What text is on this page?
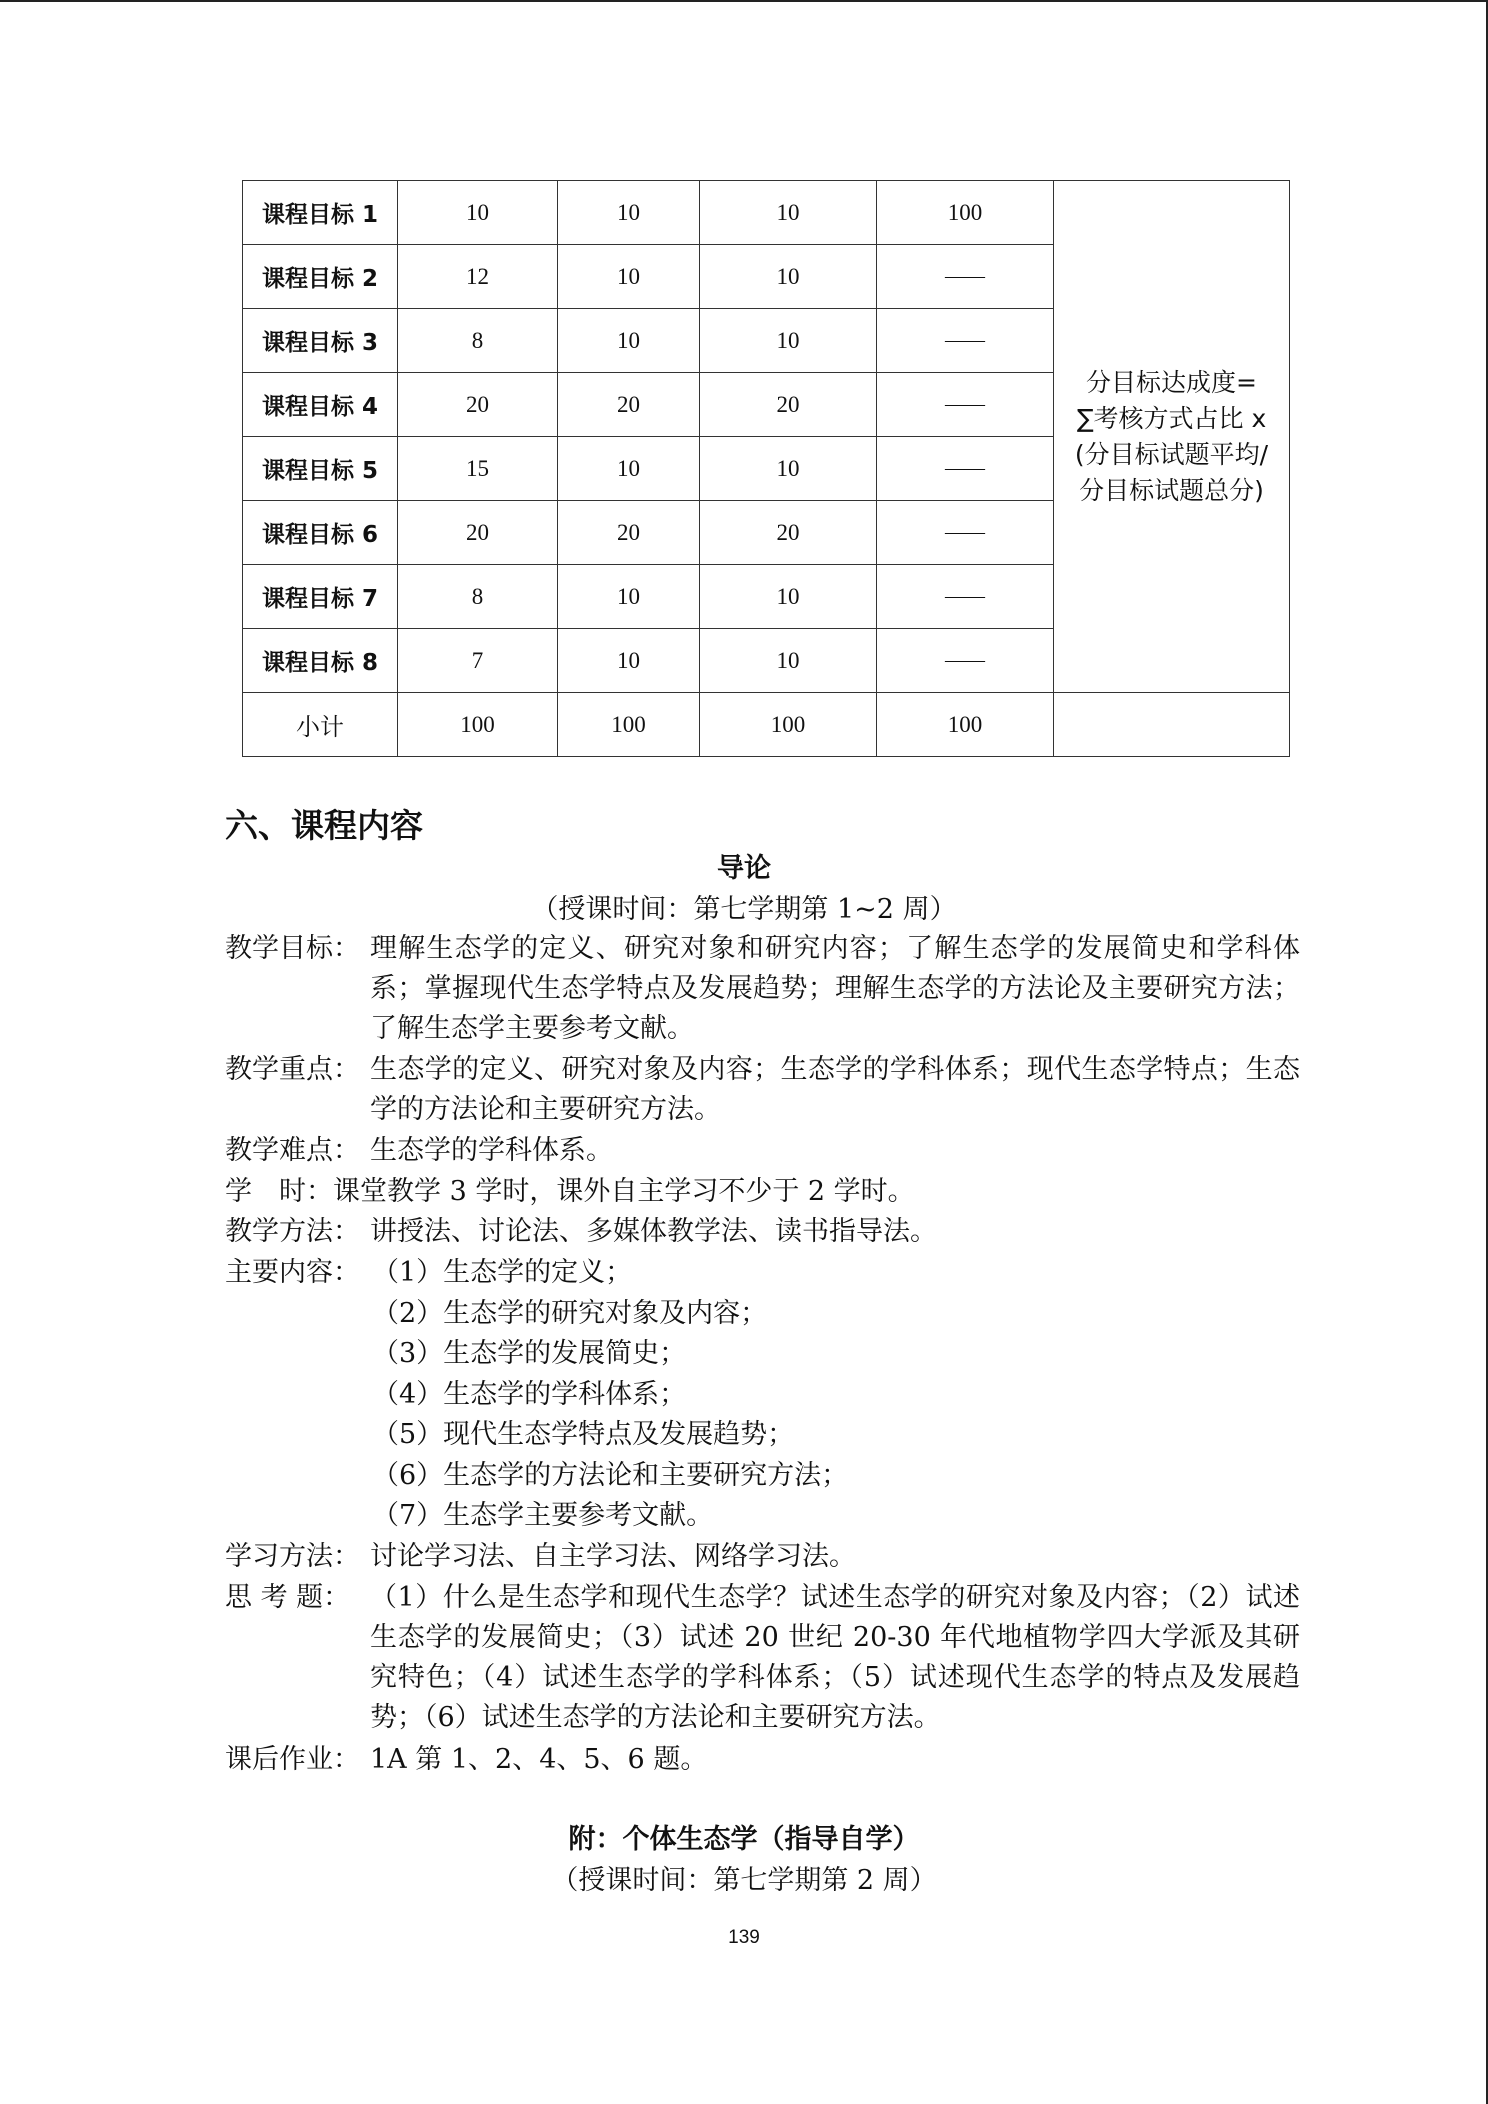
课程目标 1	10	10	10	100	分目标达成度=
∑考核方式占比 x
(分目标试题平均/
分目标试题总分)

课程目标 2	12	10	10	——	
课程目标 3	8	10	10	——	
课程目标 4	20	20	20	——	
课程目标 5	15	10	10	——	
课程目标 6	20	20	20	——	
课程目标 7	8	10	10	——	
课程目标 8	7	10	10	——	
小计	100	100	100	100	
六、课程内容
导论
（授课时间：第七学期第 1~2 周）
教学目标： 理解生态学的定义、研究对象和研究内容；了解生态学的发展简史和学科体系；掌握现代生态学特点及发展趋势；理解生态学的方法论及主要研究方法；了解生态学主要参考文献。
教学重点： 生态学的定义、研究对象及内容；生态学的学科体系；现代生态学特点；生态学的方法论和主要研究方法。
教学难点： 生态学的学科体系。
学　时：课堂教学 3 学时，课外自主学习不少于 2 学时。
教学方法： 讲授法、讨论法、多媒体教学法、读书指导法。
主要内容： （1）生态学的定义；
（2）生态学的研究对象及内容；
（3）生态学的发展简史；
（4）生态学的学科体系；
（5）现代生态学特点及发展趋势；
（6）生态学的方法论和主要研究方法；
（7）生态学主要参考文献。
学习方法： 讨论学习法、自主学习法、网络学习法。
思 考 题： （1）什么是生态学和现代生态学？试述生态学的研究对象及内容；（2）试述生态学的发展简史；（3）试述 20 世纪 20-30 年代地植物学四大学派及其研究特色；（4）试述生态学的学科体系；（5）试述现代生态学的特点及发展趋势；（6）试述生态学的方法论和主要研究方法。
课后作业： 1A 第 1、2、4、5、6 题。
附：个体生态学（指导自学）
（授课时间：第七学期第 2 周）
139
